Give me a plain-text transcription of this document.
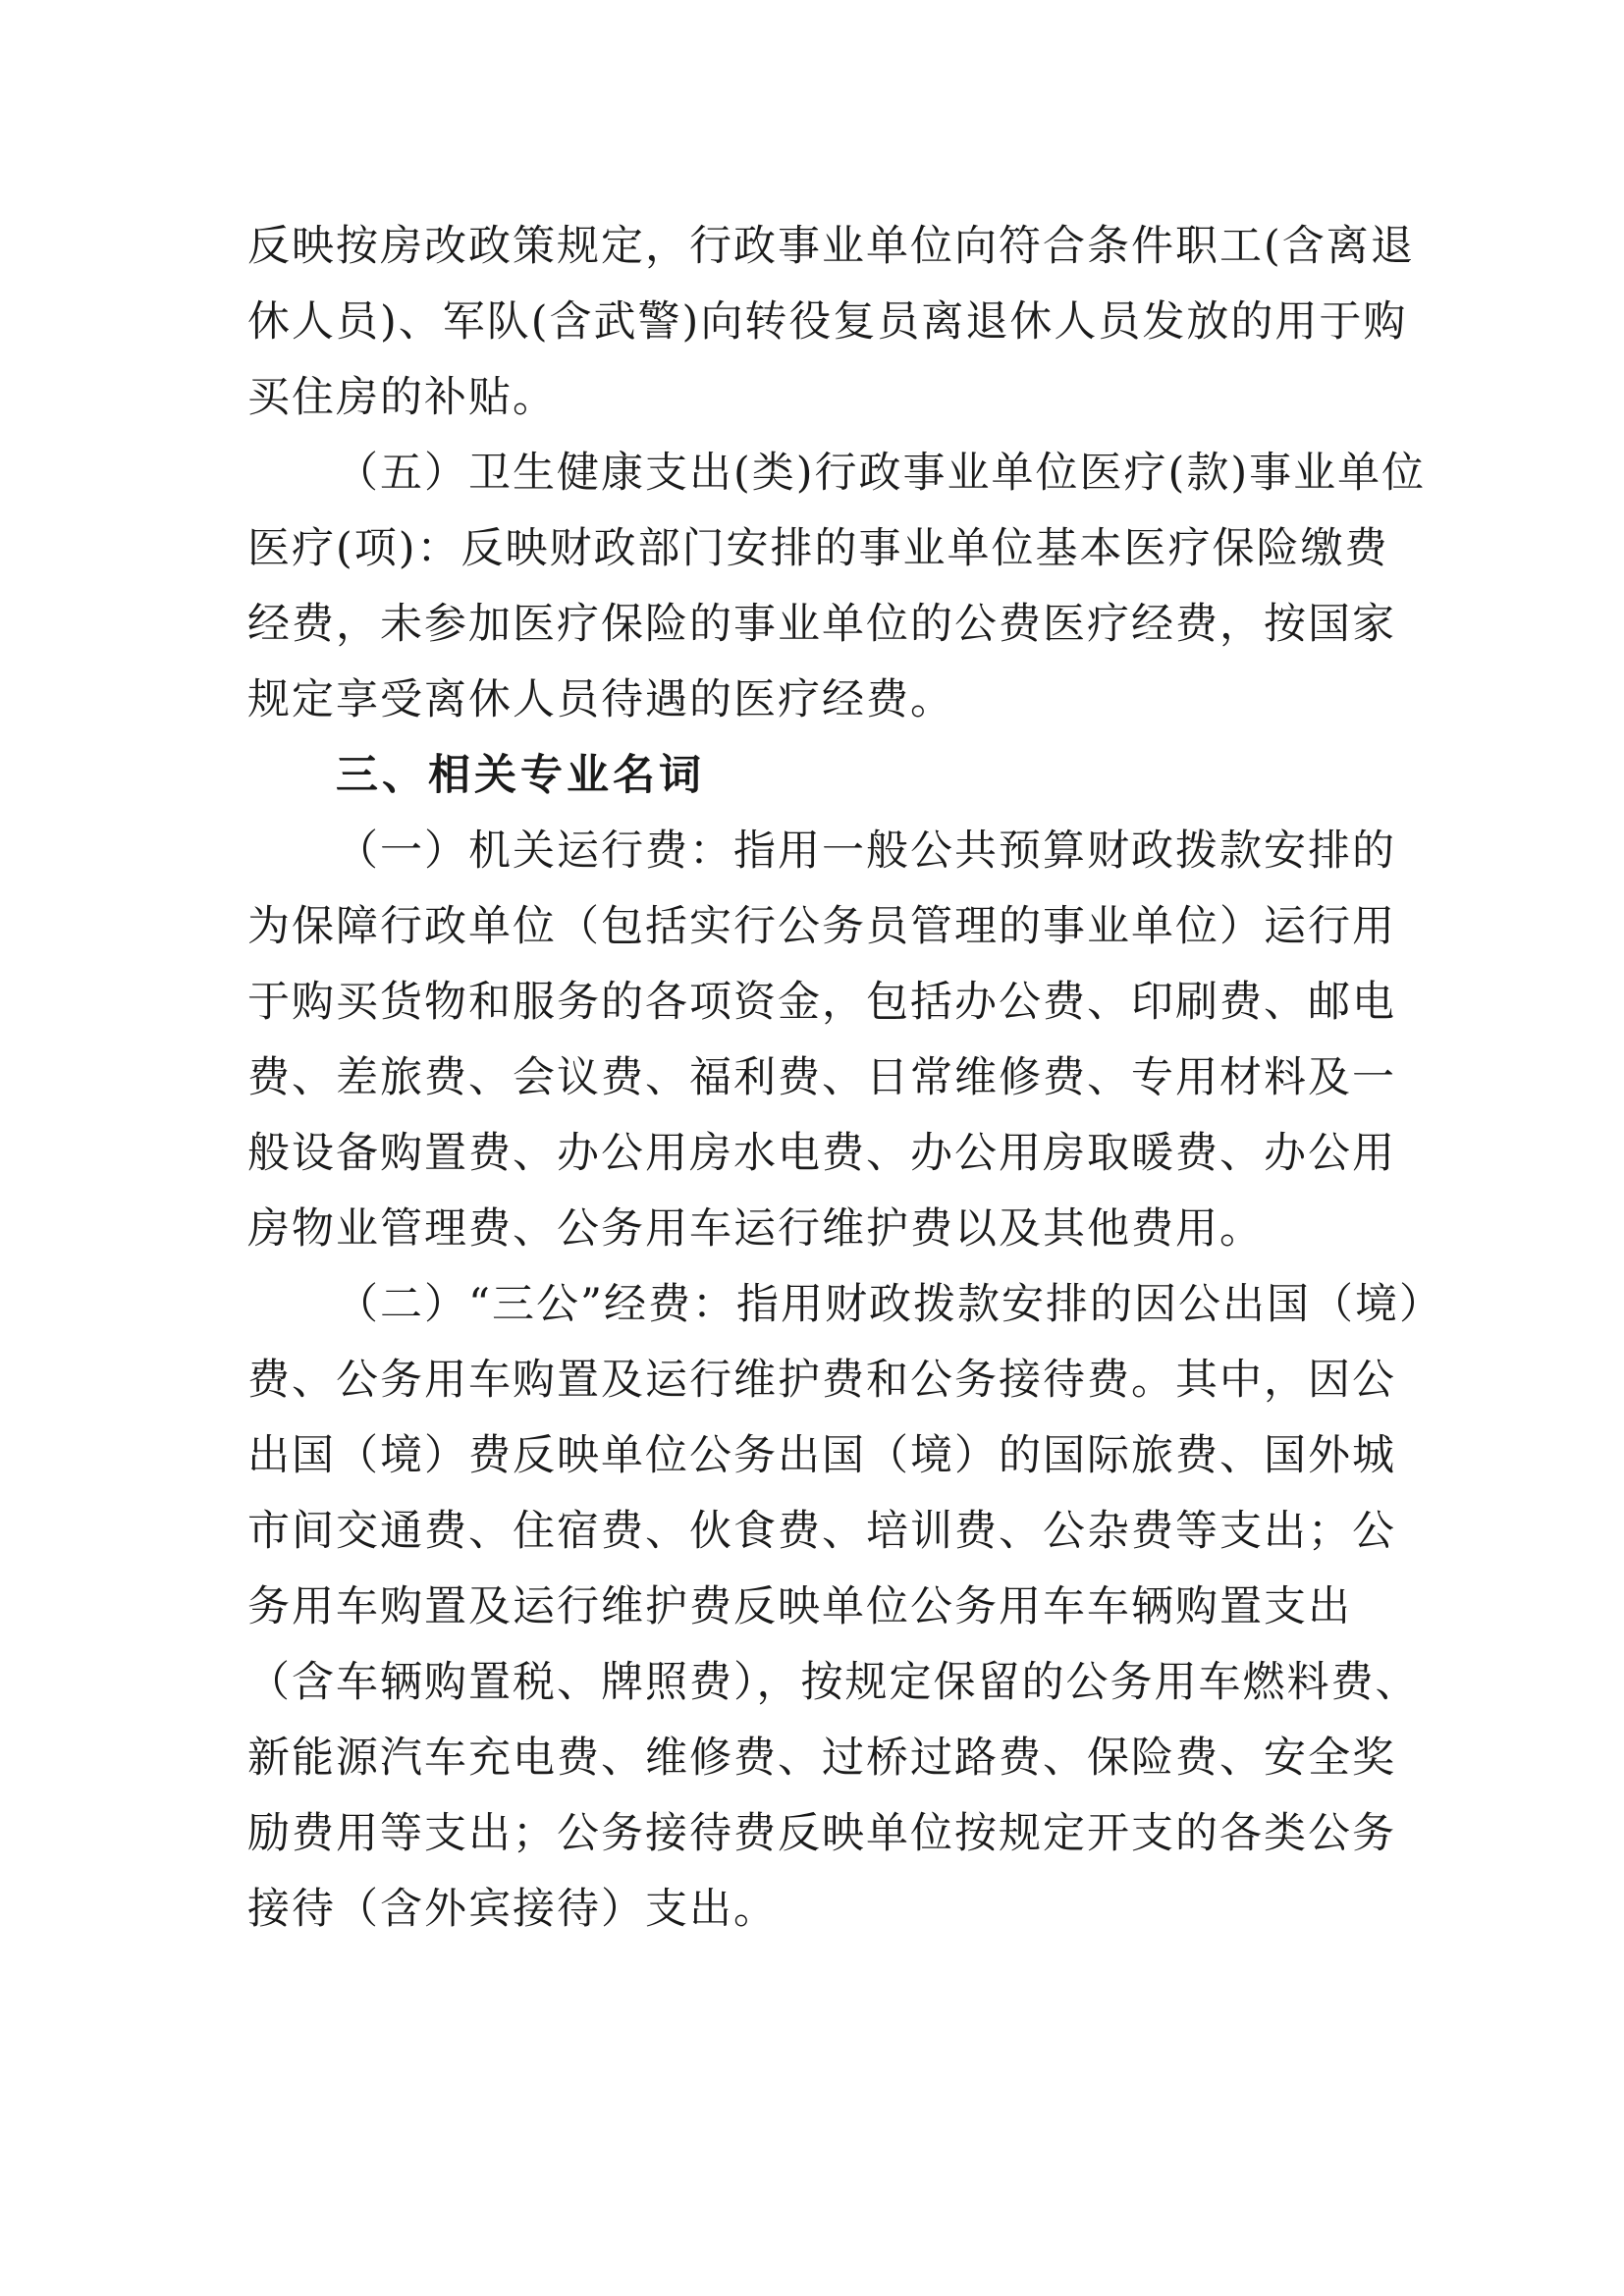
反映按房改政策规定，行政事业单位向符合条件职工(含离退
休人员)、军队(含武警)向转役复员离退休人员发放的用于购
买住房的补贴。
（五）卫生健康支出(类)行政事业单位医疗(款)事业单位
医疗(项)：反映财政部门安排的事业单位基本医疗保险缴费
经费，未参加医疗保险的事业单位的公费医疗经费，按国家
规定享受离休人员待遇的医疗经费。
三、相关专业名词
（一）机关运行费：指用一般公共预算财政拨款安排的
为保障行政单位（包括实行公务员管理的事业单位）运行用
于购买货物和服务的各项资金，包括办公费、印刷费、邮电
费、差旅费、会议费、福利费、日常维修费、专用材料及一
般设备购置费、办公用房水电费、办公用房取暖费、办公用
房物业管理费、公务用车运行维护费以及其他费用。
（二）“三公”经费：指用财政拨款安排的因公出国（境）
费、公务用车购置及运行维护费和公务接待费。其中，因公
出国（境）费反映单位公务出国（境）的国际旅费、国外城
市间交通费、住宿费、伙食费、培训费、公杂费等支出；公
务用车购置及运行维护费反映单位公务用车车辆购置支出
（含车辆购置税、牌照费），按规定保留的公务用车燃料费、
新能源汽车充电费、维修费、过桥过路费、保险费、安全奖
励费用等支出；公务接待费反映单位按规定开支的各类公务
接待（含外宾接待）支出。
